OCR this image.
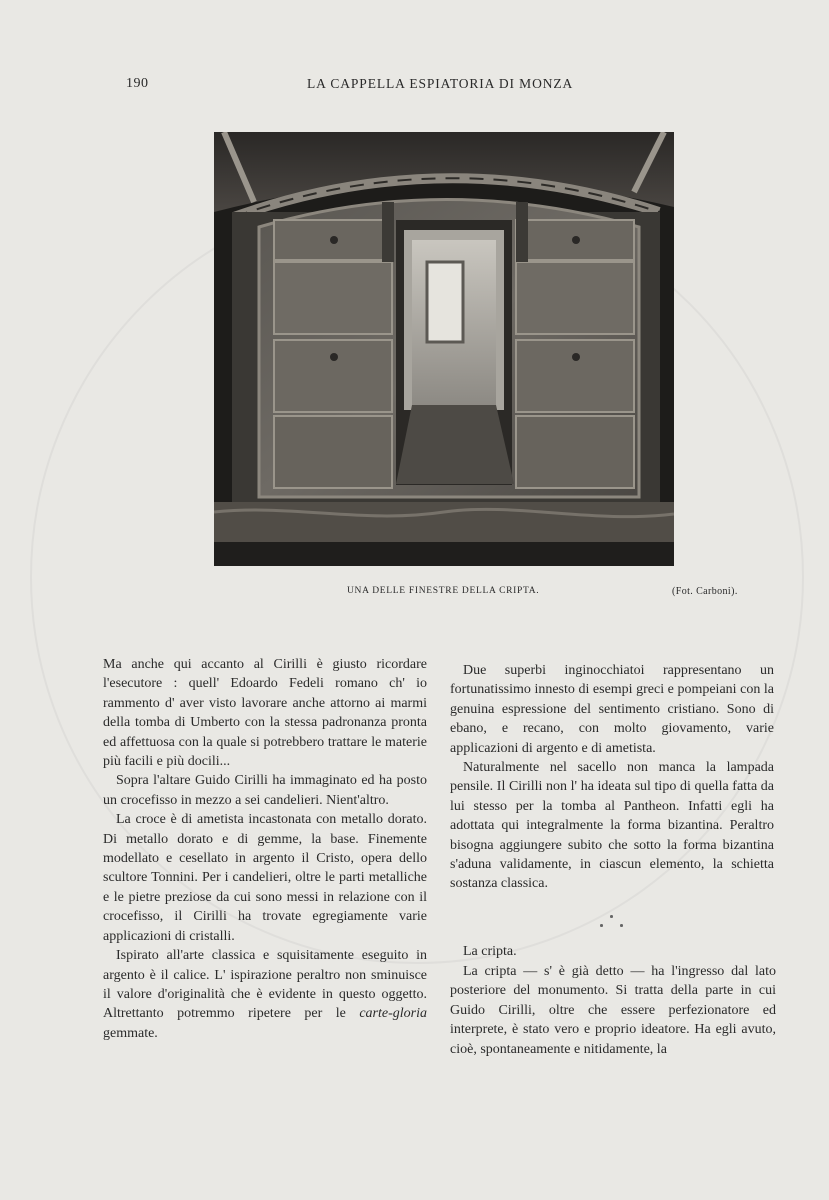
190	LA CAPPELLA ESPIATORIA DI MONZA
UNA DELLE FINESTRE DELLA CRIPTA.	(Fot. Carboni).

Ma anche qui accanto al Cirilli è giusto ricordare l'esecutore : quell' Edoardo Fedeli romano ch' io rammento d' aver visto lavorare anche attorno ai marmi della tomba di Umberto con la stessa padronanza pronta ed affettuosa con la quale si potrebbero trattare le materie più facili e più docili...

Sopra l'altare Guido Cirilli ha immaginato ed ha posto un crocefisso in mezzo a sei candelieri. Nient'altro.

La croce è di ametista incastonata con metallo dorato. Di metallo dorato e di gemme, la base. Finemente modellato e cesellato in argento il Cristo, opera dello scultore Tonnini. Per i candelieri, oltre le parti metalliche e le pietre preziose da cui sono messi in relazione con il crocefisso, il Cirilli ha trovate egregiamente varie applicazioni di cristalli.

Ispirato all'arte classica e squisitamente eseguito in argento è il calice. L' ispirazione peraltro non sminuisce il valore d'originalità che è evidente in questo oggetto. Altrettanto potremmo ripetere per le carte-gloria gemmate.

Due superbi inginocchiatoi rappresentano un fortunatissimo innesto di esempi greci e pompeiani con la genuina espressione del sentimento cristiano. Sono di ebano, e recano, con molto giovamento, varie applicazioni di argento e di ametista.

Naturalmente nel sacello non manca la lampada pensile. Il Cirilli non l' ha ideata sul tipo di quella fatta da lui stesso per la tomba al Pantheon. Infatti egli ha adottata qui integralmente la forma bizantina. Peraltro bisogna aggiungere subito che sotto la forma bizantina s'aduna validamente, in ciascun elemento, la schietta sostanza classica.

La cripta.

La cripta — s' è già detto — ha l'ingresso dal lato posteriore del monumento. Si tratta della parte in cui Guido Cirilli, oltre che essere perfezionatore ed interprete, è stato vero e proprio ideatore. Ha egli avuto, cioè, spontaneamente e nitidamente, la
